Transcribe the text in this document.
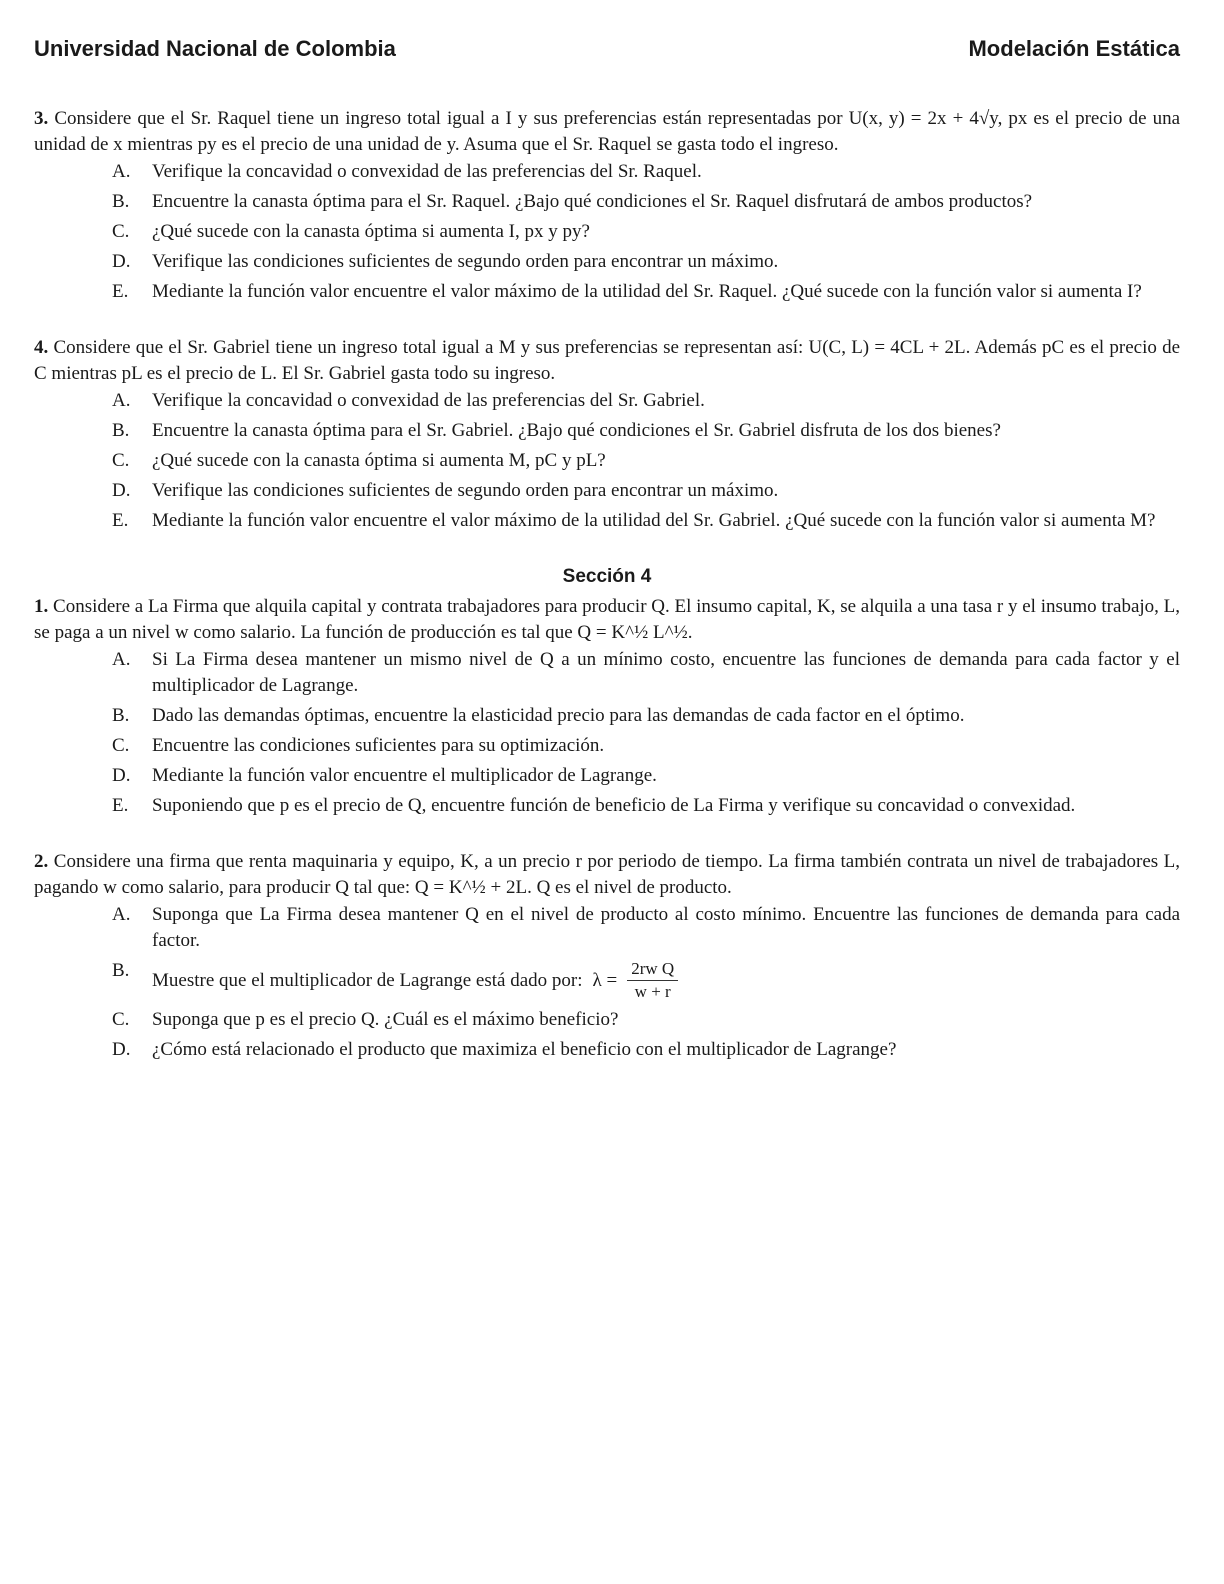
Universidad Nacional de Colombia	Modelación Estática

3. Considere que el Sr. Raquel tiene un ingreso total igual a I y sus preferencias están representadas por U(x, y) = 2x + 4√y, px es el precio de una unidad de x mientras py es el precio de una unidad de y. Asuma que el Sr. Raquel se gasta todo el ingreso.

A.	Verifique la concavidad o convexidad de las preferencias del Sr. Raquel.
B.	Encuentre la canasta óptima para el Sr. Raquel. ¿Bajo qué condiciones el Sr. Raquel disfrutará de ambos productos?
C.	¿Qué sucede con la canasta óptima si aumenta I, px y py?
D.	Verifique las condiciones suficientes de segundo orden para encontrar un máximo.
E.	Mediante la función valor encuentre el valor máximo de la utilidad del Sr. Raquel. ¿Qué sucede con la función valor si aumenta I?

4. Considere que el Sr. Gabriel tiene un ingreso total igual a M y sus preferencias se representan así: U(C, L) = 4CL + 2L. Además pC es el precio de C mientras pL es el precio de L. El Sr. Gabriel gasta todo su ingreso.

A.	Verifique la concavidad o convexidad de las preferencias del Sr. Gabriel.
B.	Encuentre la canasta óptima para el Sr. Gabriel. ¿Bajo qué condiciones el Sr. Gabriel disfruta de los dos bienes?
C.	¿Qué sucede con la canasta óptima si aumenta M, pC y pL?
D.	Verifique las condiciones suficientes de segundo orden para encontrar un máximo.
E.	Mediante la función valor encuentre el valor máximo de la utilidad del Sr. Gabriel. ¿Qué sucede con la función valor si aumenta M?
Sección 4

1. Considere a La Firma que alquila capital y contrata trabajadores para producir Q. El insumo capital, K, se alquila a una tasa r y el insumo trabajo, L, se paga a un nivel w como salario. La función de producción es tal que Q = K^½ L^½.

A.	Si La Firma desea mantener un mismo nivel de Q a un mínimo costo, encuentre las funciones de demanda para cada factor y el multiplicador de Lagrange.
B.	Dado las demandas óptimas, encuentre la elasticidad precio para las demandas de cada factor en el óptimo.
C.	Encuentre las condiciones suficientes para su optimización.
D.	Mediante la función valor encuentre el multiplicador de Lagrange.
E.	Suponiendo que p es el precio de Q, encuentre función de beneficio de La Firma y verifique su concavidad o convexidad.

2. Considere una firma que renta maquinaria y equipo, K, a un precio r por periodo de tiempo. La firma también contrata un nivel de trabajadores L, pagando w como salario, para producir Q tal que: Q = K^½ + 2L. Q es el nivel de producto.

A.	Suponga que La Firma desea mantener Q en el nivel de producto al costo mínimo. Encuentre las funciones de demanda para cada factor.
B.	Muestre que el multiplicador de Lagrange está dado por: $\lambda = \frac{\text{2rw Q}}{w + r}$
C.	Suponga que p es el precio Q. ¿Cuál es el máximo beneficio?
D.	¿Cómo está relacionado el producto que maximiza el beneficio con el multiplicador de Lagrange?
